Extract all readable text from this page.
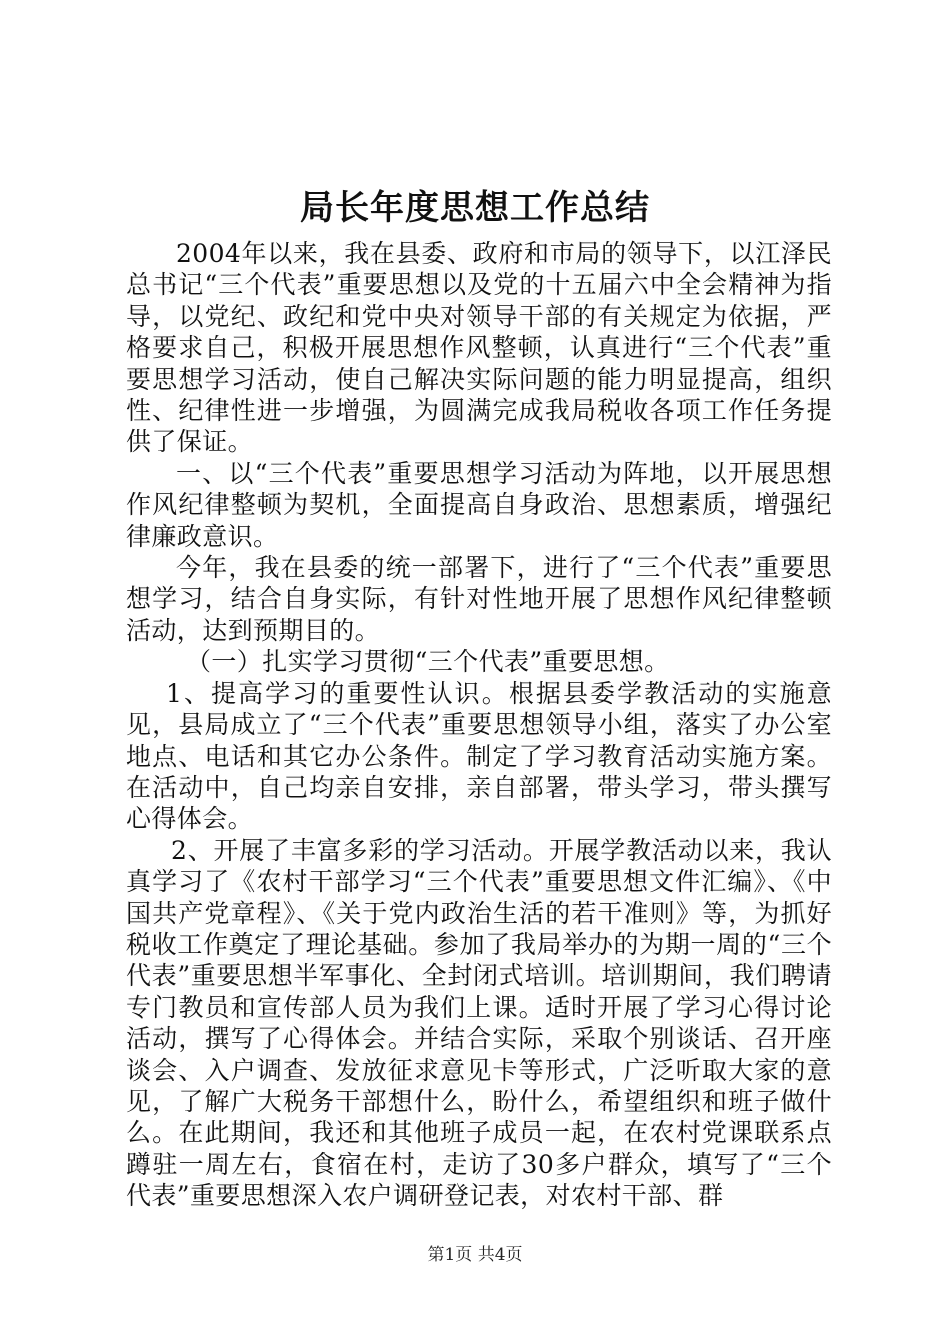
局长年度思想工作总结

2004年以来，我在县委、政府和市局的领导下，以江泽民总书记“三个代表”重要思想以及党的十五届六中全会精神为指导，以党纪、政纪和党中央对领导干部的有关规定为依据，严格要求自己，积极开展思想作风整顿，认真进行“三个代表”重要思想学习活动，使自己解决实际问题的能力明显提高，组织性、纪律性进一步增强，为圆满完成我局税收各项工作任务提供了保证。

一、以“三个代表”重要思想学习活动为阵地，以开展思想作风纪律整顿为契机，全面提高自身政治、思想素质，增强纪律廉政意识。

今年，我在县委的统一部署下，进行了“三个代表”重要思想学习，结合自身实际，有针对性地开展了思想作风纪律整顿活动，达到预期目的。

（一）扎实学习贯彻“三个代表”重要思想。

1、提高学习的重要性认识。根据县委学教活动的实施意见，县局成立了“三个代表”重要思想领导小组，落实了办公室地点、电话和其它办公条件。制定了学习教育活动实施方案。在活动中，自己均亲自安排，亲自部署，带头学习，带头撰写心得体会。

2、开展了丰富多彩的学习活动。开展学教活动以来，我认真学习了《农村干部学习“三个代表”重要思想文件汇编》、《中国共产党章程》、《关于党内政治生活的若干准则》等，为抓好税收工作奠定了理论基础。参加了我局举办的为期一周的“三个代表”重要思想半军事化、全封闭式培训。培训期间，我们聘请专门教员和宣传部人员为我们上课。适时开展了学习心得讨论活动，撰写了心得体会。并结合实际，采取个别谈话、召开座谈会、入户调查、发放征求意见卡等形式，广泛听取大家的意见，了解广大税务干部想什么，盼什么，希望组织和班子做什么。在此期间，我还和其他班子成员一起，在农村党课联系点蹲驻一周左右，食宿在村，走访了30多户群众，填写了“三个代表”重要思想深入农户调研登记表，对农村干部、群

第1页 共4页
